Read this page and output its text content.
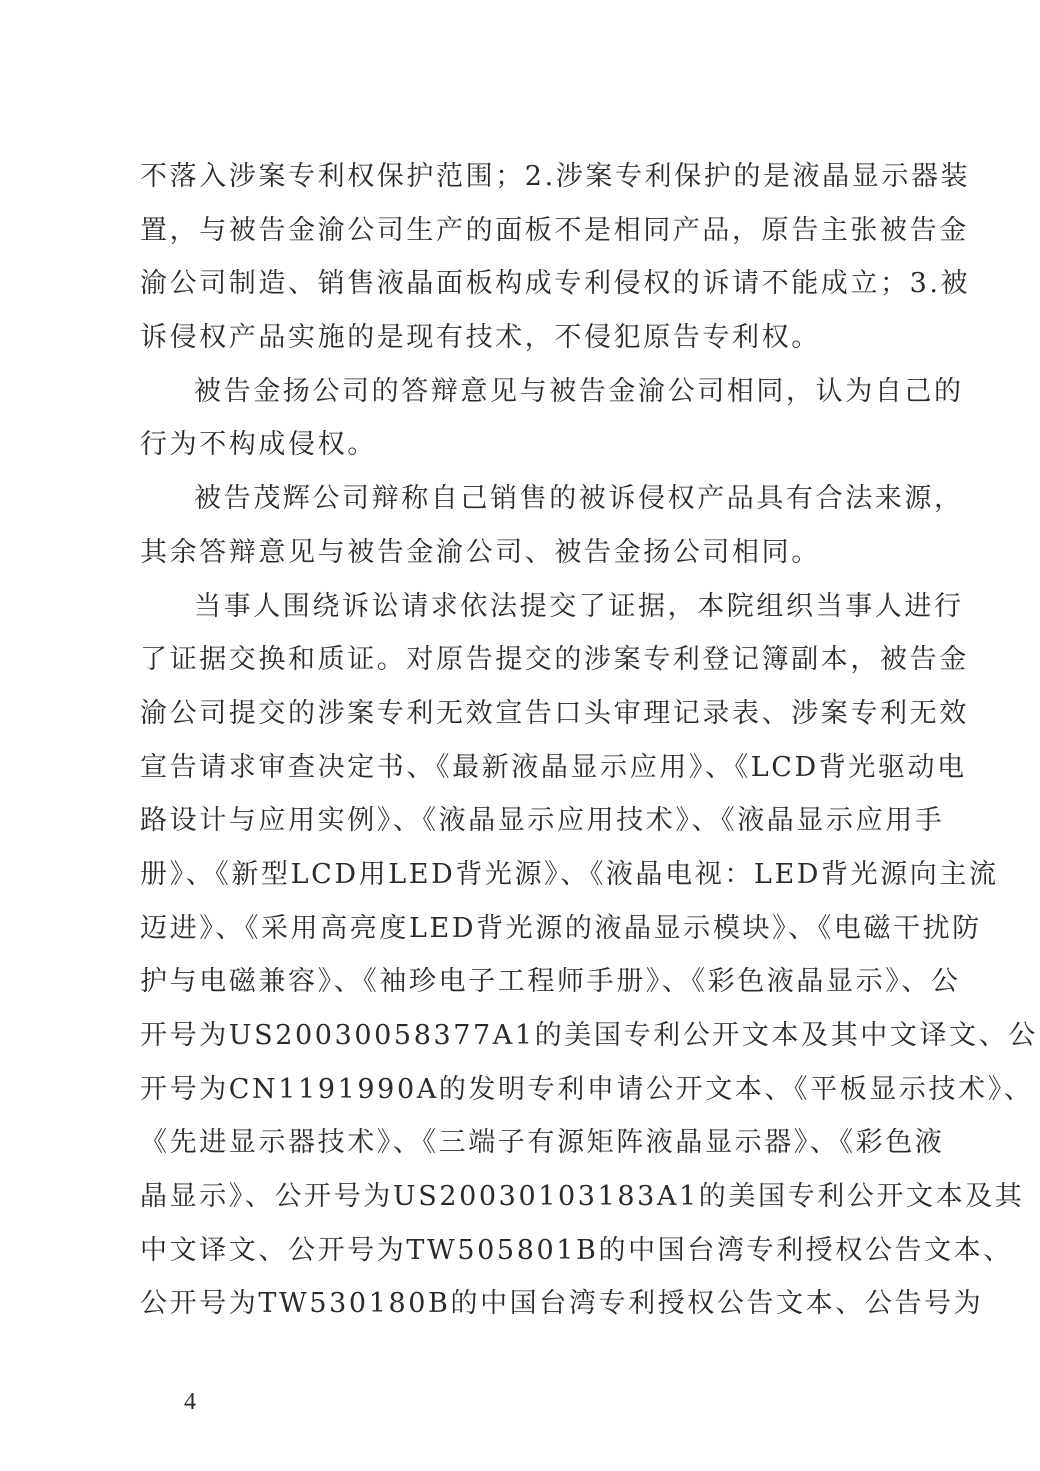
不落入涉案专利权保护范围；2.涉案专利保护的是液晶显示器装
置，与被告金渝公司生产的面板不是相同产品，原告主张被告金
渝公司制造、销售液晶面板构成专利侵权的诉请不能成立；3.被
诉侵权产品实施的是现有技术，不侵犯原告专利权。
被告金扬公司的答辩意见与被告金渝公司相同，认为自己的
行为不构成侵权。
被告茂辉公司辩称自己销售的被诉侵权产品具有合法来源，
其余答辩意见与被告金渝公司、被告金扬公司相同。
当事人围绕诉讼请求依法提交了证据，本院组织当事人进行
了证据交换和质证。对原告提交的涉案专利登记簿副本，被告金
渝公司提交的涉案专利无效宣告口头审理记录表、涉案专利无效
宣告请求审查决定书、《最新液晶显示应用》、《LCD背光驱动电
路设计与应用实例》、《液晶显示应用技术》、《液晶显示应用手
册》、《新型LCD用LED背光源》、《液晶电视：LED背光源向主流
迈进》、《采用高亮度LED背光源的液晶显示模块》、《电磁干扰防
护与电磁兼容》、《袖珍电子工程师手册》、《彩色液晶显示》、公
开号为US20030058377A1的美国专利公开文本及其中文译文、公
开号为CN1191990A的发明专利申请公开文本、《平板显示技术》、
《先进显示器技术》、《三端子有源矩阵液晶显示器》、《彩色液
晶显示》、公开号为US20030103183A1的美国专利公开文本及其
中文译文、公开号为TW505801B的中国台湾专利授权公告文本、
公开号为TW530180B的中国台湾专利授权公告文本、公告号为
4
